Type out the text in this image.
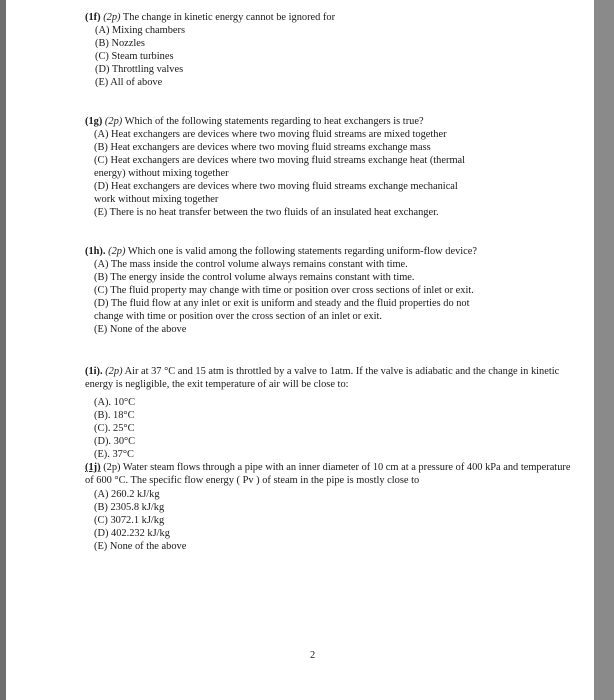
(1f) (2p) The change in kinetic energy cannot be ignored for

(A) Mixing chambers
(B) Nozzles
(C) Steam turbines
(D) Throttling valves
(E) All of above

(1g) (2p) Which of the following statements regarding to heat exchangers is true?

(A) Heat exchangers are devices where two moving fluid streams are mixed together
(B) Heat exchangers are devices where two moving fluid streams exchange mass
(C) Heat exchangers are devices where two moving fluid streams exchange heat (thermal
energy) without mixing together
(D) Heat exchangers are devices where two moving fluid streams exchange mechanical
work without mixing together
(E) There is no heat transfer between the two fluids of an insulated heat exchanger.

(1h). (2p) Which one is valid among the following statements regarding uniform-flow device?

(A) The mass inside the control volume always remains constant with time.
(B) The energy inside the control volume always remains constant with time.
(C) The fluid property may change with time or position over cross sections of inlet or exit.
(D) The fluid flow at any inlet or exit is uniform and steady and the fluid properties do not
change with time or position over the cross section of an inlet or exit.
(E) None of the above

(1i). (2p) Air at 37 °C and 15 atm is throttled by a valve to 1atm. If the valve is adiabatic and the change in kinetic energy is negligible, the exit temperature of air will be close to:

(A). 10°C
(B). 18°C
(C). 25°C
(D). 30°C
(E). 37°C

(1j) (2p) Water steam flows through a pipe with an inner diameter of 10 cm at a pressure of 400 kPa and temperature of 600 °C. The specific flow energy ( Pv ) of steam in the pipe is mostly close to

(A) 260.2 kJ/kg
(B) 2305.8 kJ/kg
(C) 3072.1 kJ/kg
(D) 402.232 kJ/kg
(E) None of the above
2
